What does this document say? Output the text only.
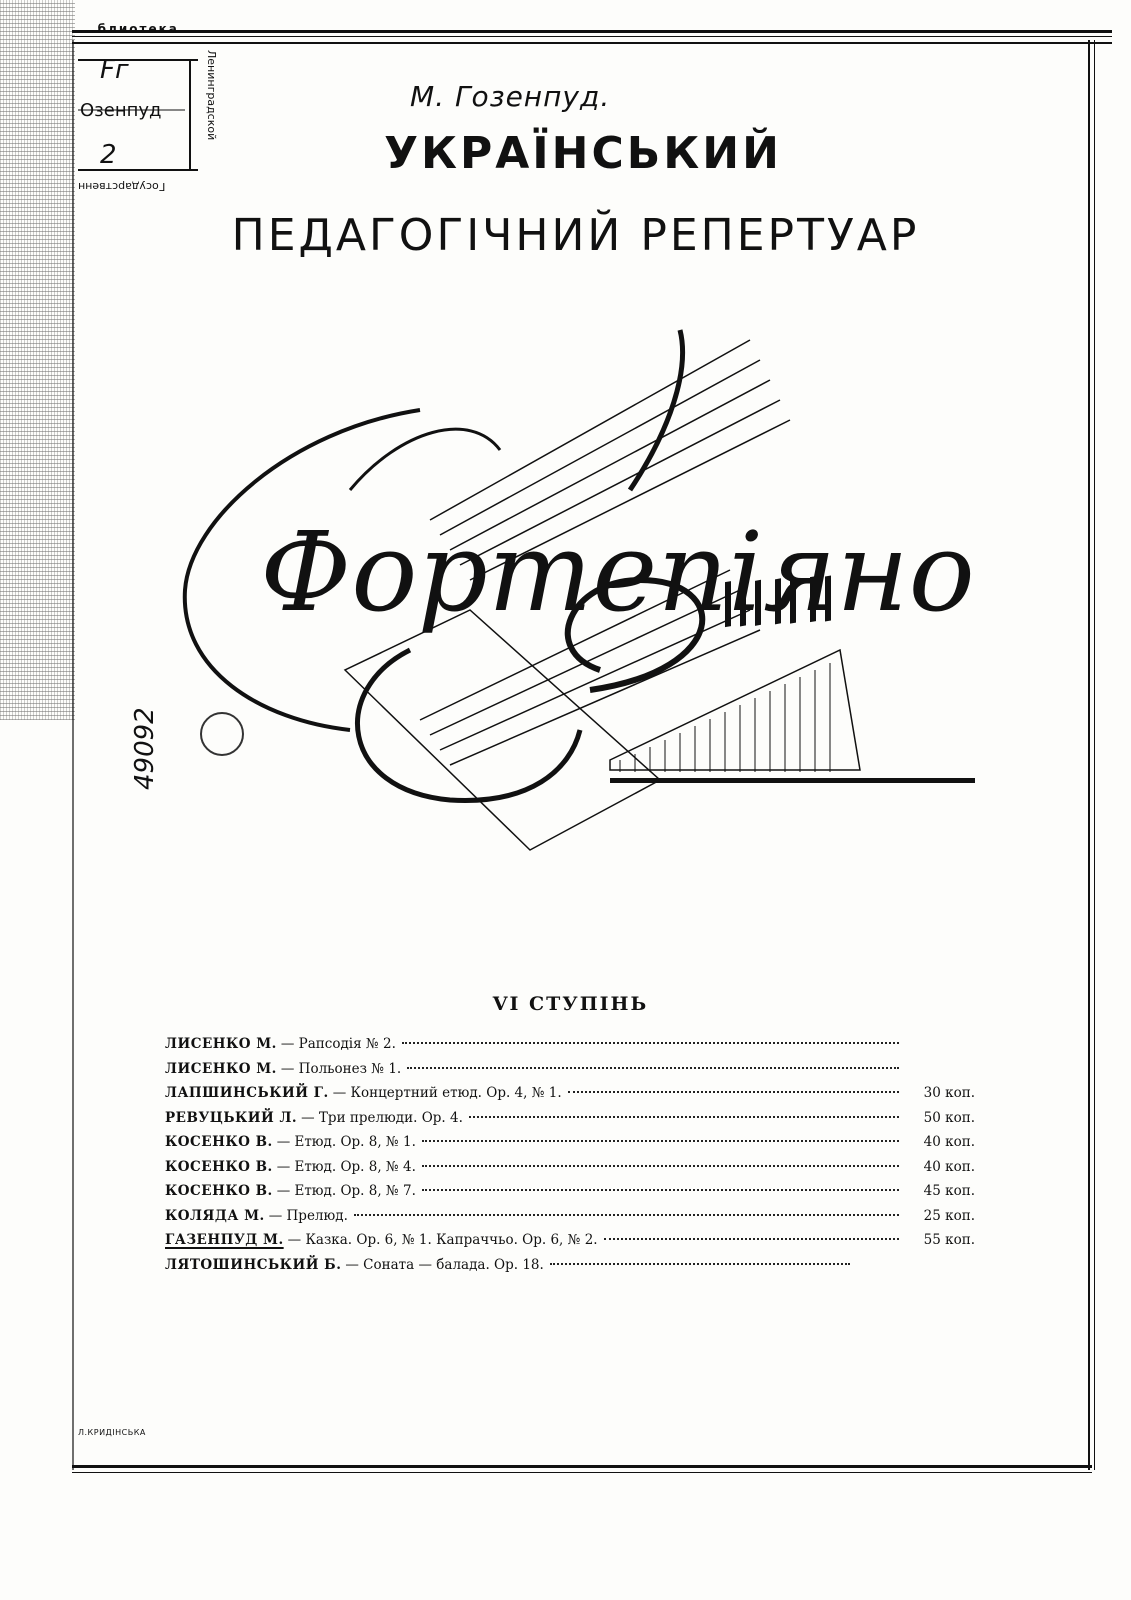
...блиотека
Ленинградской
Государственн
Fг
Озенпуд
2
М. Гозенпуд.
УКРАЇНСЬКИЙ
ПЕДАГОГІЧНИЙ РЕПЕРТУАР
Фортепіяно
49092
VI СТУПІНЬ
ЛИСЕНКО М. — Рапсодія № 2.
ЛИСЕНКО М. — Польонез № 1.
ЛАПШИНСЬКИЙ Г. — Концертний етюд. Ор. 4, № 1.	30 коп.
РЕВУЦЬКИЙ Л. — Три прелюди. Ор. 4.	50 коп.
КОСЕНКО В. — Етюд. Ор. 8, № 1.	40 коп.
КОСЕНКО В. — Етюд. Ор. 8, № 4.	40 коп.
КОСЕНКО В. — Етюд. Ор. 8, № 7.	45 коп.
КОЛЯДА М. — Прелюд.	25 коп.
ГАЗЕНПУД М. — Казка. Ор. 6, № 1. Капраччьо. Ор. 6, № 2.	55 коп.
ЛЯТОШИНСЬКИЙ Б. — Соната — балада. Ор. 18.
Л.КРИДІНСЬКА
